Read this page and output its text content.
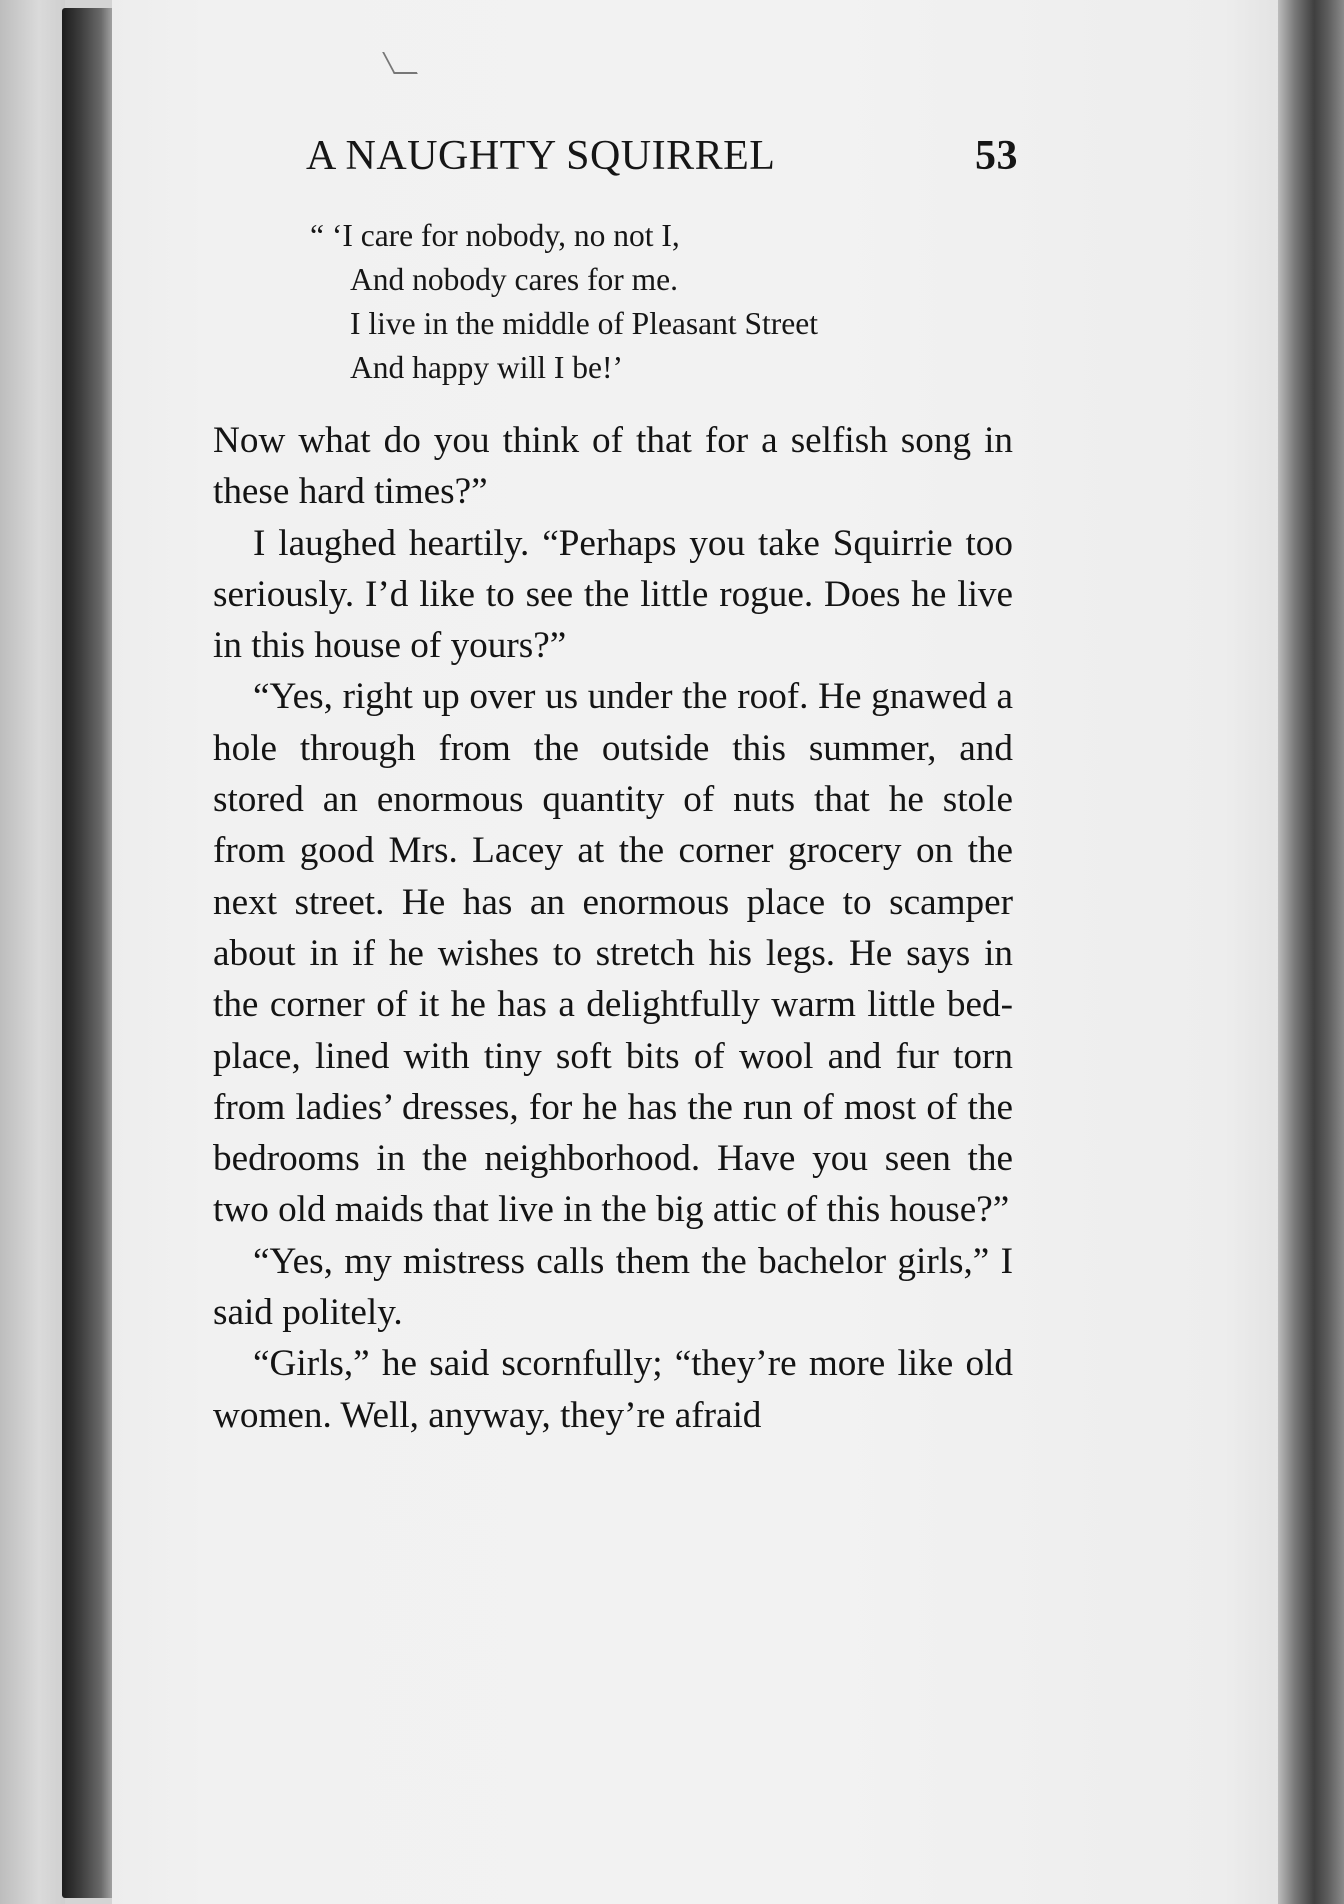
A NAUGHTY SQUIRREL	53
“ ‘I care for nobody, no not I,
And nobody cares for me.
I live in the middle of Pleasant Street
And happy will I be!’

Now what do you think of that for a selfish song in these hard times?”

I laughed heartily. “Perhaps you take Squirrie too seriously. I’d like to see the little rogue. Does he live in this house of yours?”

“Yes, right up over us under the roof. He gnawed a hole through from the outside this summer, and stored an enormous quantity of nuts that he stole from good Mrs. Lacey at the corner grocery on the next street. He has an enormous place to scamper about in if he wishes to stretch his legs. He says in the corner of it he has a delightfully warm little bed-place, lined with tiny soft bits of wool and fur torn from ladies’ dresses, for he has the run of most of the bedrooms in the neighborhood. Have you seen the two old maids that live in the big attic of this house?”

“Yes, my mistress calls them the bachelor girls,” I said politely.

“Girls,” he said scornfully; “they’re more like old women. Well, anyway, they’re afraid
